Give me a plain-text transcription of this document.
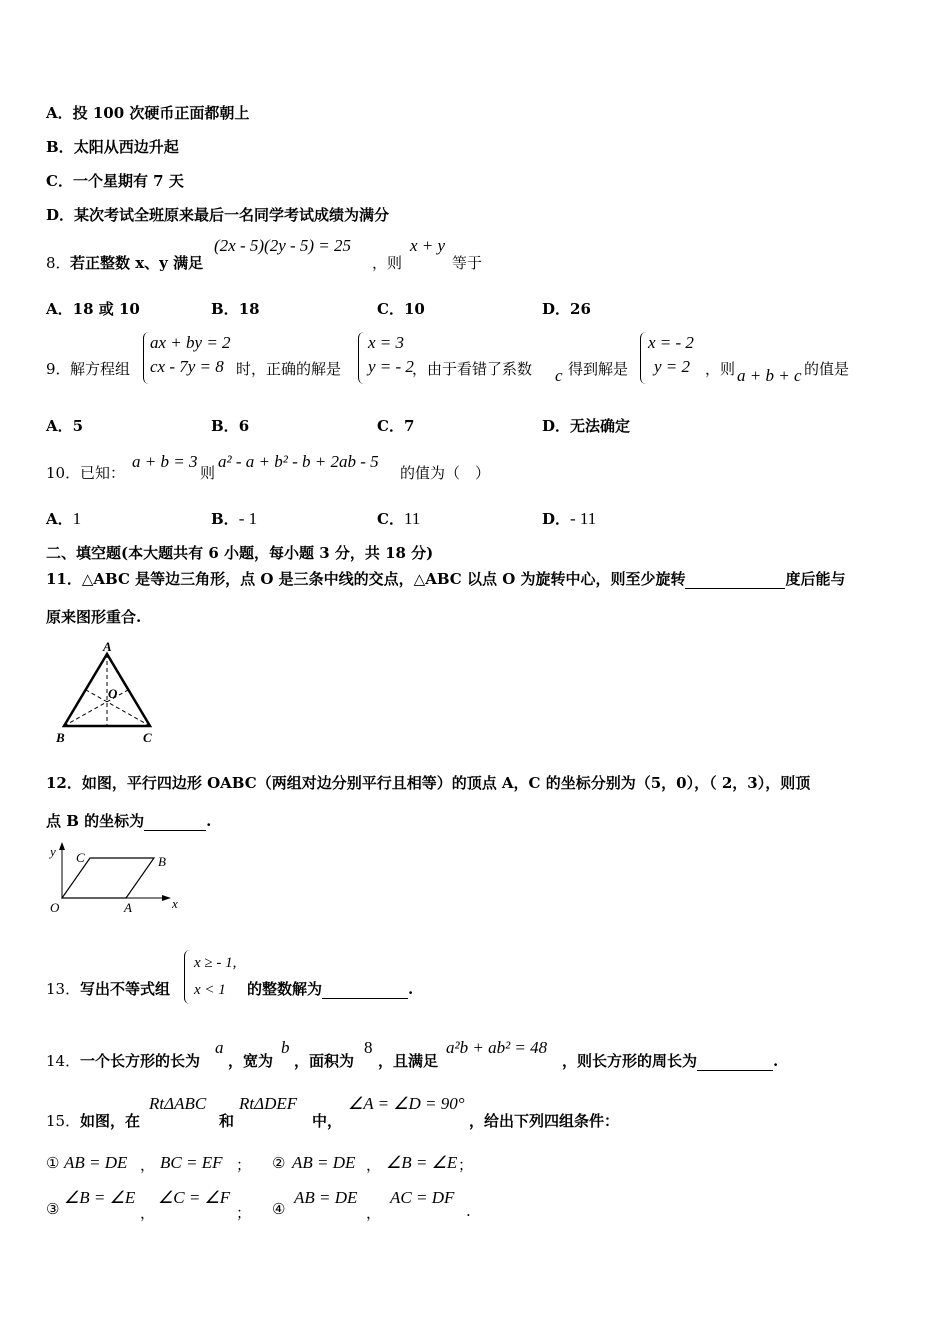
A．投 100 次硬币正面都朝上
B．太阳从西边升起
C．一个星期有 7 天
D．某次考试全班原来最后一名同学考试成绩为满分
8． 若正整数 x、y 满足
(2x - 5)(2y - 5) = 25
，则
x + y
等于
A．18 或 10	B．18	C．10	D．26
9． 解方程组
ax + by = 2
cx - 7y = 8 时，正确的解是
x = 3
y = - 2
，由于看错了系数 c 得到解是
x = - 2
y = 2 ，则 a + b + c 的值是
A．5	B．6	C．7	D．无法确定
10． 已知：
a + b = 3
则
a² - a + b² - b + 2ab - 5
的值为（　）
A．1	B．- 1	C．11	D．- 11
二、填空题(本大题共有 6 小题，每小题 3 分，共 18 分)
11．△ABC 是等边三角形，点 O 是三条中线的交点，△ABC 以点 O 为旋转中心，则至少旋转	度后能与
原来图形重合.
A
O
B	C
12．如图，平行四边形 OABC（两组对边分别平行且相等）的顶点 A，C 的坐标分别为（5，0），（ 2，3），则顶
点 B 的坐标为	.
y
x
O	A
B
C
13． 写出不等式组
x ≥ - 1,
x < 1	的整数解为	.
14． 一个长方形的长为
a
，宽为
b
，面积为
8
，且满足
a²b + ab² = 48
，则长方形的周长为	.
15． 如图，在
RtΔABC
和
RtΔDEF
中，
∠A = ∠D = 90°
，给出下列四组条件：
① AB = DE ， BC = EF ； ② AB = DE ， ∠B = ∠E ；
③
∠B = ∠E
，
∠C = ∠F
； ④
AB = DE
，
AC = DF
.
